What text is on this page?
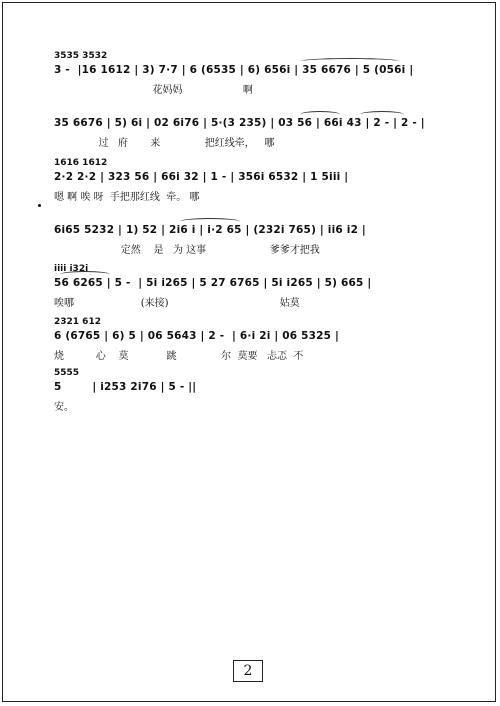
3535 3532
3 -  |16 1612 | 3) 7·7 | 6 (6535 | 6) 656i | 35 6676 | 5 (056i |
花妈妈                   啊
35 6676 | 5) 6i | 02 6i76 | 5·(3 235) | 03 56 | 66i 43 | 2 - | 2 - |
过   府       来              把红线牵，   哪
1616 1612
2·2 2·2 | 323 56 | 66i 32 | 1 - | 356i 6532 | 1 5iii |
嗯 啊 唉 呀  手把那红线  牵。 哪
6i65 5232 | 1) 52 | 2i6 i | i·2 65 | (232i 765) | ii6 i2 |
定然    是   为 这事                    爹爹才把我
iiii i32i
56 6265 | 5 -  | 5i i265 | 5 27 6765 | 5i i265 | 5) 665 |
唉哪                     (来接)                                   姑莫
2321 612
6 (6765 | 6) 5 | 06 5643 | 2 -  | 6·i 2i | 06 5325 |
烧          心    莫            跳              尔  莫要   忐忑  不
5555
5        | i253 2i76 | 5 - ||
安。
2
